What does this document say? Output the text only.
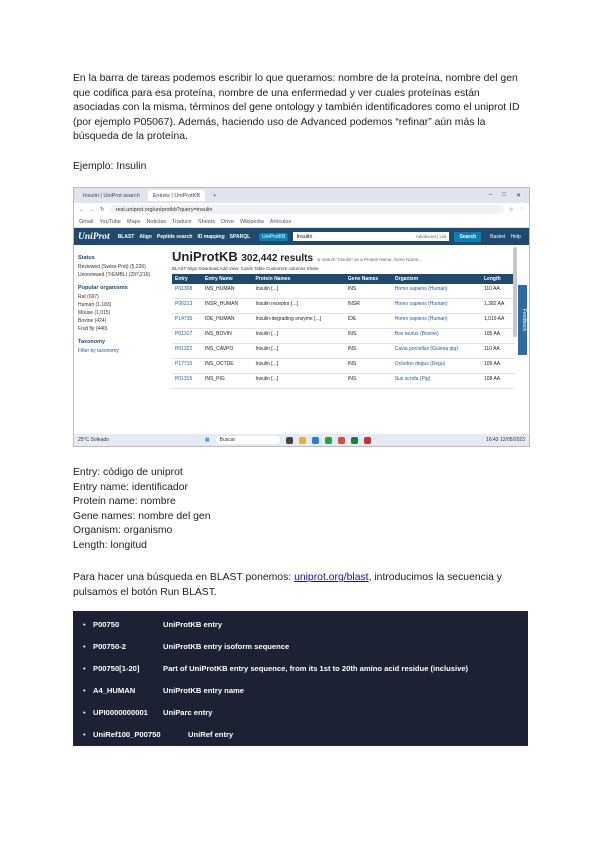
En la barra de tareas podemos escribir lo que queramos: nombre de la proteína, nombre del gen que codifica para esa proteína, nombre de una enfermedad y ver cuales proteínas están asociadas con la misma, términos del gene ontology y también identificadores como el uniprot ID (por ejemplo P05067). Además, haciendo uso de Advanced podemos “refinar” aún más la búsqueda de la proteína.

Ejemplo: Insulin

Insulin | UniProt search	Entries | UniProtKB	+	– □ ✕
← → ↻	rest.uniprot.org/uniprotkb?query=insulin	☆ ⋮
Gmail YouTube Maps Noticias Traducir Sheets Drive Wikipedia Artículos
UniProt BLAST Align Peptide search ID mapping SPARQL	UniProtKB	Insulin	Advanced | List	Search	Basket Help
Status
Reviewed (Swiss-Prot) (5,226)
Unreviewed (TrEMBL) (297,216)
Popular organisms
Rat (697)
Human (1,183)
Mouse (1,015)
Bovine (424)
Fruit fly (440)
Taxonomy
Filter by taxonomy
UniProtKB 302,442 results or search "Insulin" as a Protein Name, Gene Name...
BLAST Align Download Add View: Cards Table Customize columns Share
Entry	Entry Name	Protein Names	Gene Names	Organism	Length
P01308	INS_HUMAN	Insulin [...]	INS	Homo sapiens (Human)	110 AA
P06213	INSR_HUMAN	Insulin receptor [...]	INSR	Homo sapiens (Human)	1,382 AA
P14735	IDE_HUMAN	Insulin-degrading enzyme [...]	IDE	Homo sapiens (Human)	1,019 AA
P01317	INS_BOVIN	Insulin [...]	INS	Bos taurus (Bovine)	105 AA
P01322	INS_CAVPO	Insulin [...]	INS	Cavia porcellus (Guinea pig)	110 AA
P17715	INS_OCTDE	Insulin [...]	INS	Octodon degus (Degu)	109 AA
P01315	INS_PIG	Insulin [...]	INS	Sus scrofa (Pig)	108 AA
Feedback
25°C Soleado	▦	Buscar	16:43 12/05/2023
Entry: código de uniprot
Entry name: identificador
Protein name: nombre
Gene names: nombre del gen
Organism: organismo
Length: longitud

Para hacer una búsqueda en BLAST ponemos: uniprot.org/blast, introducimos la secuencia y pulsamos el botón Run BLAST.

• P00750	UniProtKB entry
• P00750-2	UniProtKB entry isoform sequence
• P00750[1-20]	Part of UniProtKB entry sequence, from its 1st to 20th amino acid residue (inclusive)
• A4_HUMAN	UniProtKB entry name
• UPI0000000001	UniParc entry
• UniRef100_P00750	UniRef entry
